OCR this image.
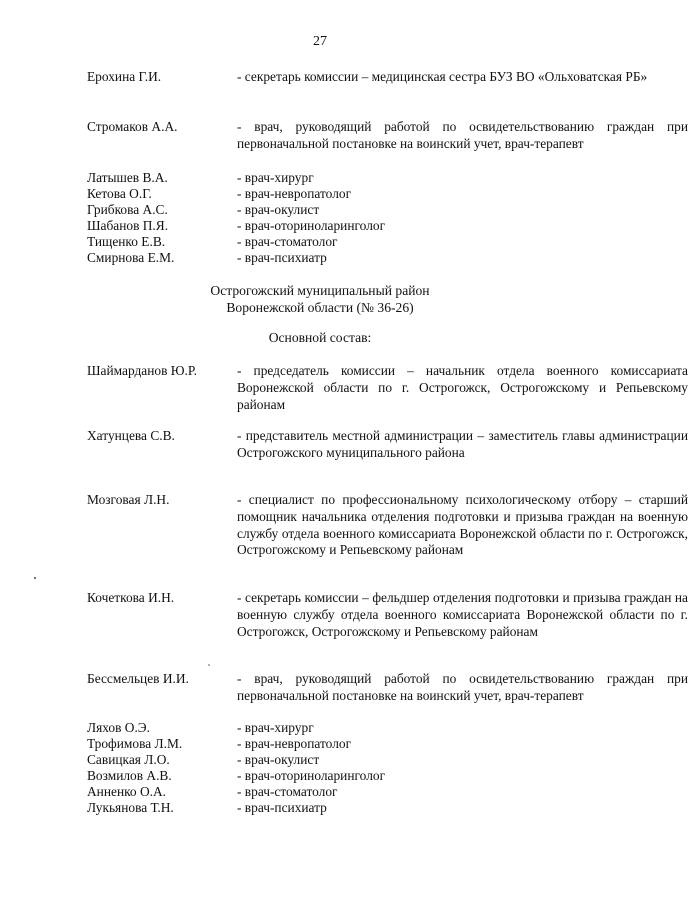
27
Ерохина Г.И.	- секретарь комиссии – медицинская сестра БУЗ ВО «Ольховатская РБ»
Стромаков А.А.	- врач, руководящий работой по освидетельствованию граждан при первоначальной постановке на воинский учет, врач-терапевт
Латышев В.А.	- врач-хирург
Кетова О.Г.	- врач-невропатолог
Грибкова А.С.	- врач-окулист
Шабанов П.Я.	- врач-оториноларинголог
Тищенко Е.В.	- врач-стоматолог
Смирнова Е.М.	- врач-психиатр
Острогожский муниципальный район
Воронежской области (№ 36-26)
Основной состав:
Шаймарданов Ю.Р.	- председатель комиссии – начальник отдела военного комиссариата Воронежской области по г. Острогожск, Острогожскому и Репьевскому районам
Хатунцева С.В.	- представитель местной администрации – заместитель главы администрации Острогожского муниципального района
Мозговая Л.Н.	- специалист по профессиональному психологическому отбору – старший помощник начальника отделения подготовки и призыва граждан на военную службу отдела военного комиссариата Воронежской области по г. Острогожск, Острогожскому и Репьевскому районам
Кочеткова И.Н.	- секретарь комиссии – фельдшер отделения подготовки и призыва граждан на военную службу отдела военного комиссариата Воронежской области по г. Острогожск, Острогожскому и Репьевскому районам
Бессмельцев И.И.	- врач, руководящий работой по освидетельствованию граждан при первоначальной постановке на воинский учет, врач-терапевт
Ляхов О.Э.	- врач-хирург
Трофимова Л.М.	- врач-невропатолог
Савицкая Л.О.	- врач-окулист
Возмилов А.В.	- врач-оториноларинголог
Анненко О.А.	- врач-стоматолог
Лукьянова Т.Н.	- врач-психиатр
